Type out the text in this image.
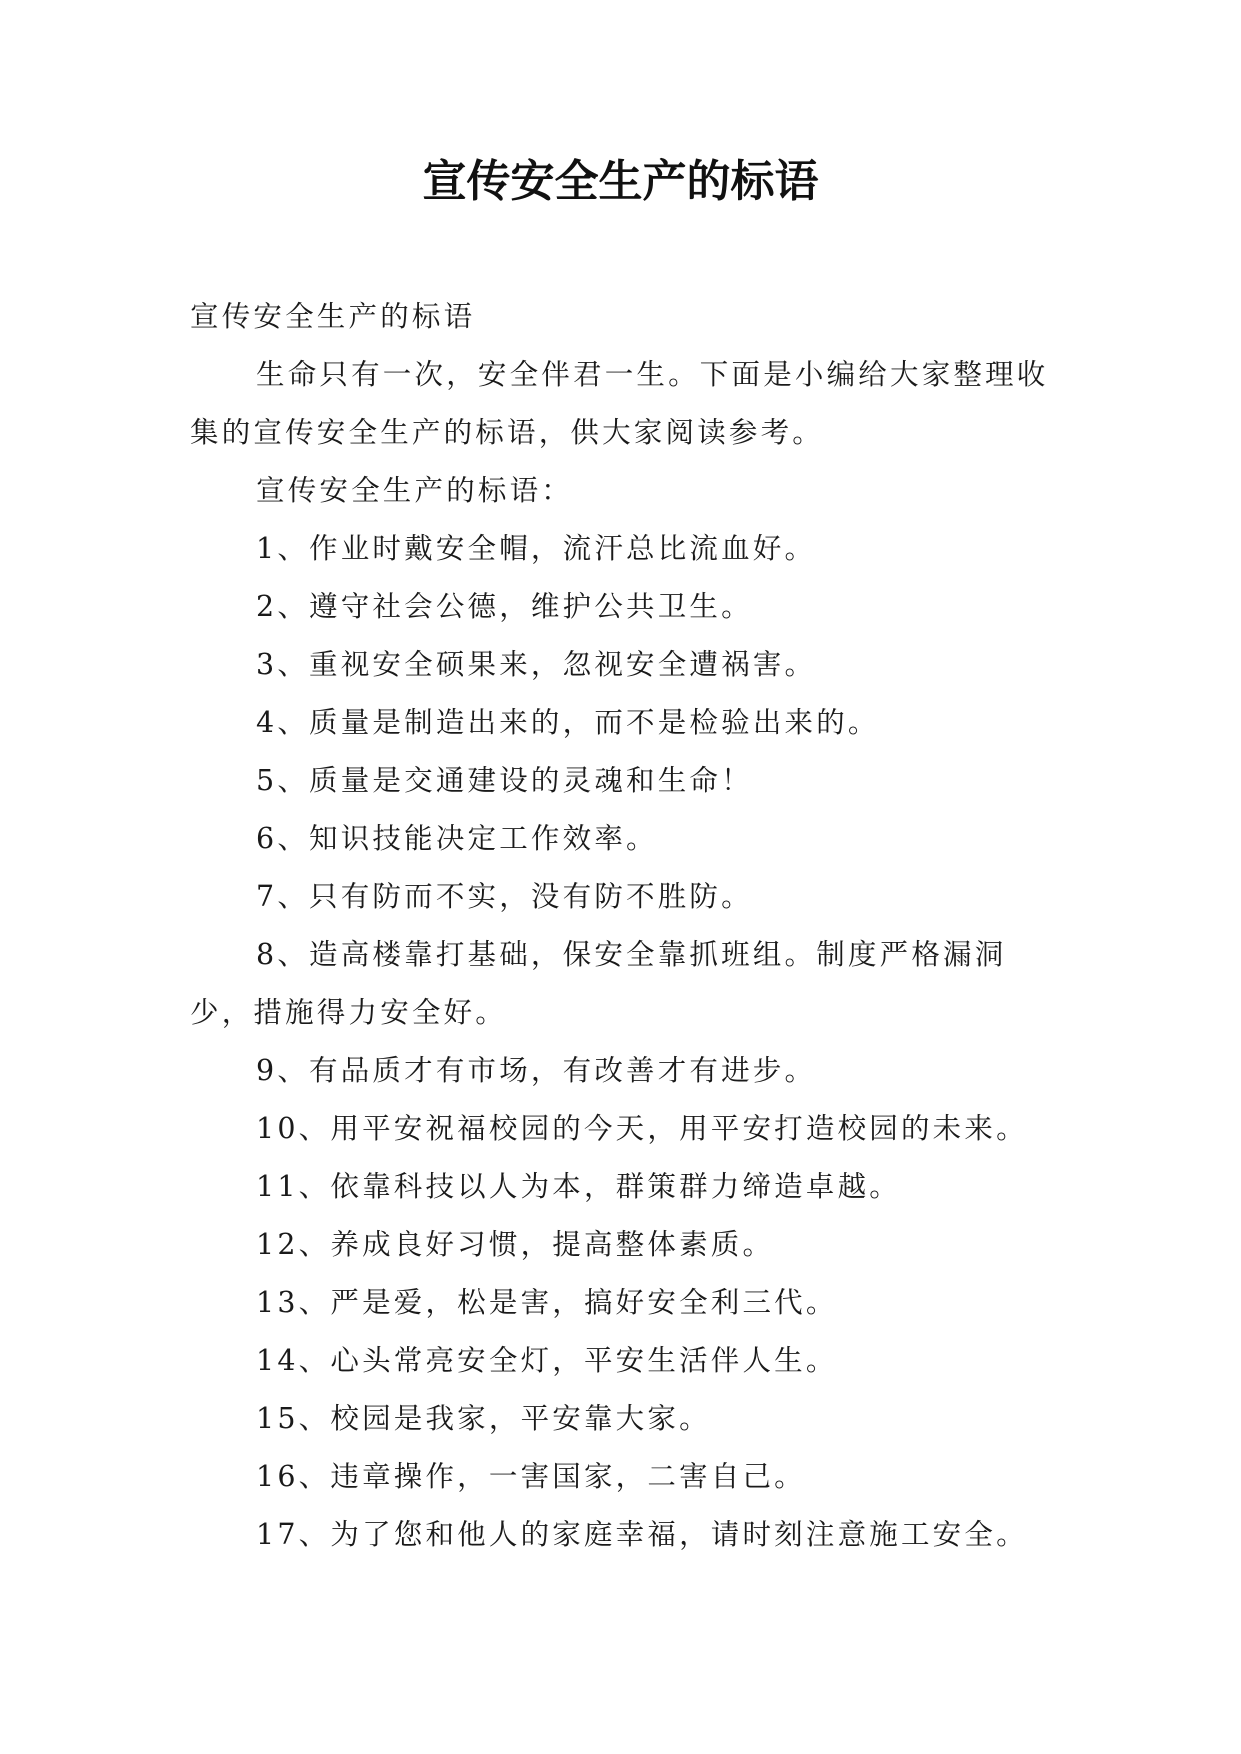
宣传安全生产的标语

宣传安全生产的标语

生命只有一次，安全伴君一生。下面是小编给大家整理收集的宣传安全生产的标语，供大家阅读参考。

宣传安全生产的标语：

1、作业时戴安全帽，流汗总比流血好。

2、遵守社会公德，维护公共卫生。

3、重视安全硕果来，忽视安全遭祸害。

4、质量是制造出来的，而不是检验出来的。

5、质量是交通建设的灵魂和生命！

6、知识技能决定工作效率。

7、只有防而不实，没有防不胜防。

8、造高楼靠打基础，保安全靠抓班组。制度严格漏洞少，措施得力安全好。

9、有品质才有市场，有改善才有进步。

10、用平安祝福校园的今天，用平安打造校园的未来。

11、依靠科技以人为本，群策群力缔造卓越。

12、养成良好习惯，提高整体素质。

13、严是爱，松是害，搞好安全利三代。

14、心头常亮安全灯，平安生活伴人生。

15、校园是我家，平安靠大家。

16、违章操作，一害国家，二害自己。

17、为了您和他人的家庭幸福，请时刻注意施工安全。
